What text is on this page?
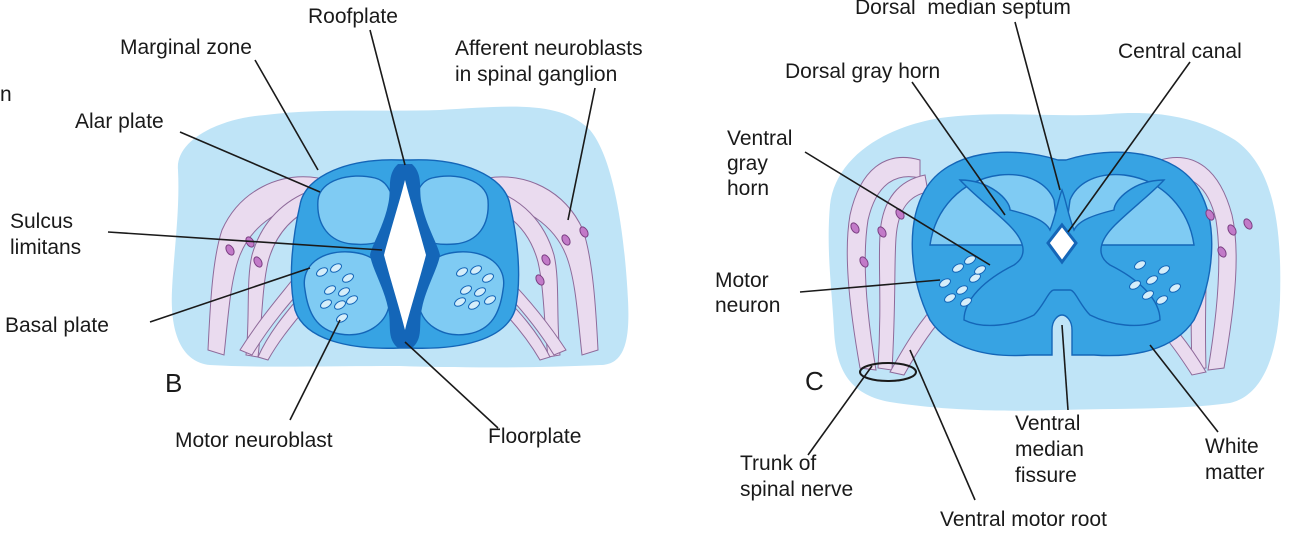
Roofplate
Marginal zone	Afferent neuroblasts
in spinal ganglion
n
Alar plate
Sulcus
limitans
Basal plate
B
Motor neuroblast	Floorplate
Dorsal  median septum
Central canal
Dorsal gray horn
Ventral
gray
horn
Motor
neuron
C
Trunk of
spinal nerve
Ventral
median
fissure
White
matter
Ventral motor root
